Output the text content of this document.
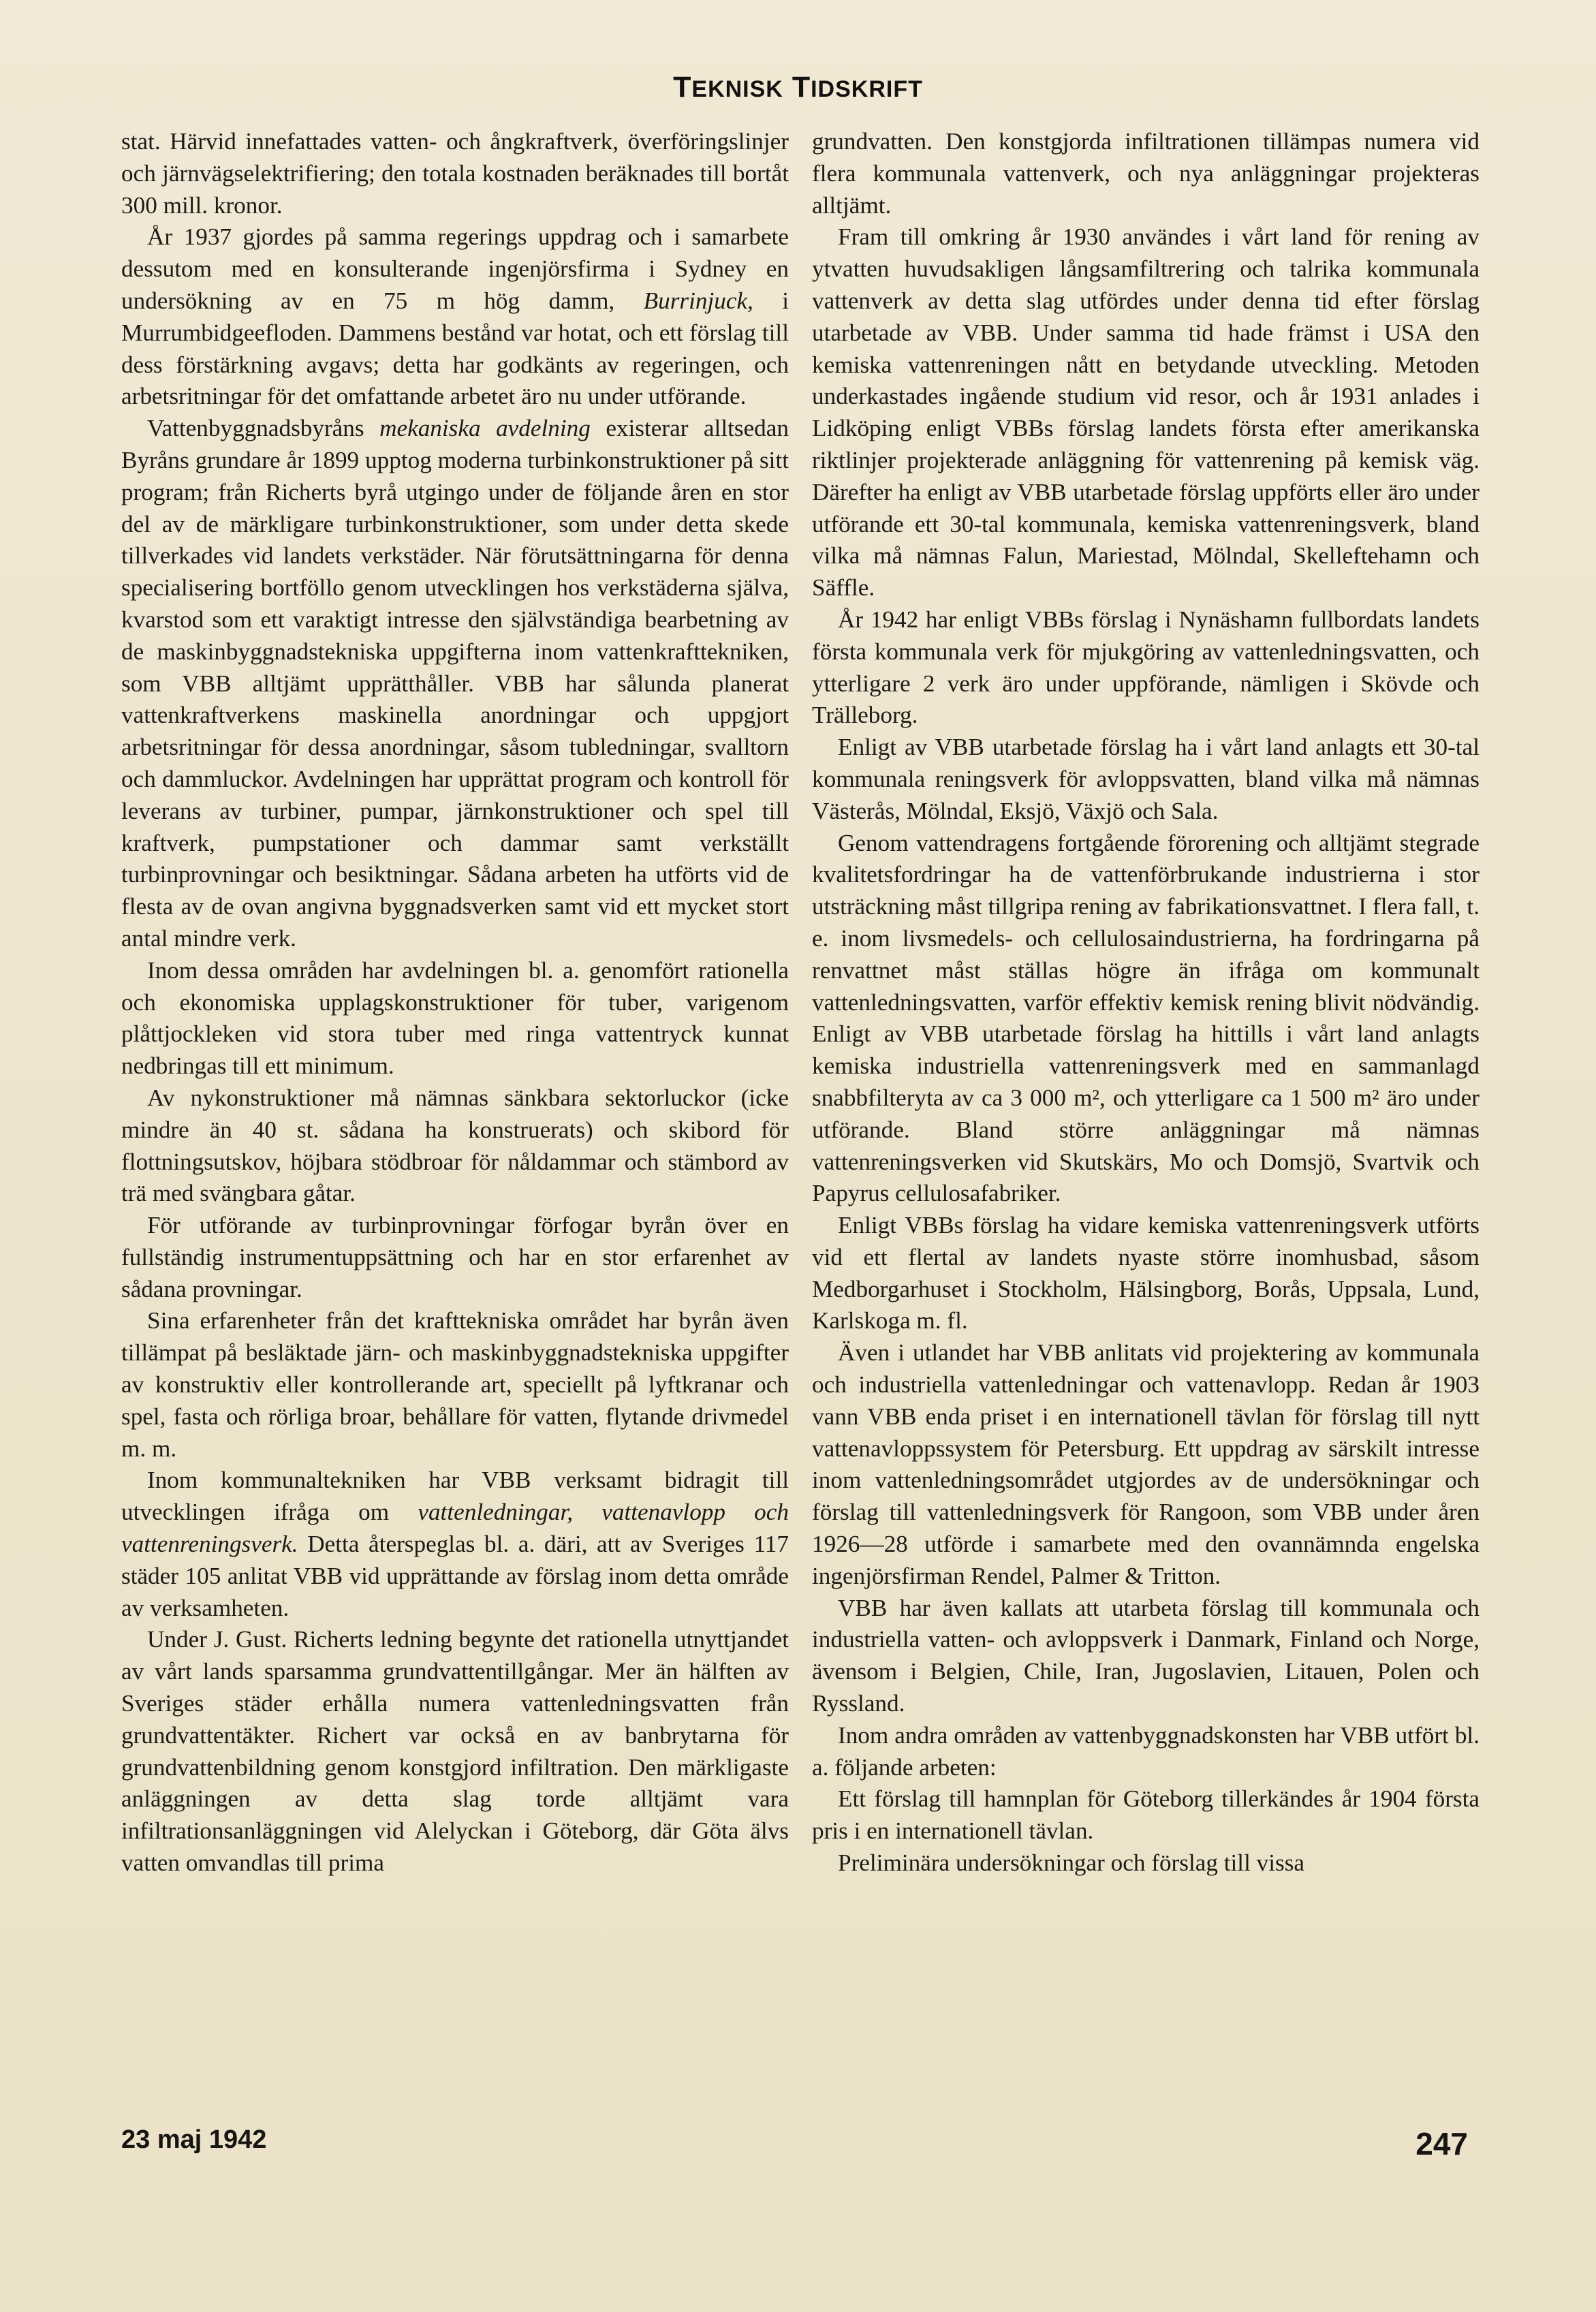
TEKNISK TIDSKRIFT

stat. Härvid innefattades vatten- och ångkraftverk, överföringslinjer och järnvägselektrifiering; den totala kostnaden beräknades till bortåt 300 mill. kronor.

År 1937 gjordes på samma regerings uppdrag och i samarbete dessutom med en konsulterande ingenjörsfirma i Sydney en undersökning av en 75 m hög damm, Burrinjuck, i Murrumbidgeefloden. Dammens bestånd var hotat, och ett förslag till dess förstärkning avgavs; detta har godkänts av regeringen, och arbetsritningar för det omfattande arbetet äro nu under utförande.

Vattenbyggnadsbyråns mekaniska avdelning existerar alltsedan Byråns grundare år 1899 upptog moderna turbinkonstruktioner på sitt program; från Richerts byrå utgingo under de följande åren en stor del av de märkligare turbinkonstruktioner, som under detta skede tillverkades vid landets verkstäder. När förutsättningarna för denna specialisering bortföllo genom utvecklingen hos verkstäderna själva, kvarstod som ett varaktigt intresse den självständiga bearbetning av de maskinbyggnadstekniska uppgifterna inom vattenkrafttekniken, som VBB alltjämt upprätthåller. VBB har sålunda planerat vattenkraftverkens maskinella anordningar och uppgjort arbetsritningar för dessa anordningar, såsom tubledningar, svalltorn och dammluckor. Avdelningen har upprättat program och kontroll för leverans av turbiner, pumpar, järnkonstruktioner och spel till kraftverk, pumpstationer och dammar samt verkställt turbinprovningar och besiktningar. Sådana arbeten ha utförts vid de flesta av de ovan angivna byggnadsverken samt vid ett mycket stort antal mindre verk.

Inom dessa områden har avdelningen bl. a. genomfört rationella och ekonomiska upplagskonstruktioner för tuber, varigenom plåttjockleken vid stora tuber med ringa vattentryck kunnat nedbringas till ett minimum.

Av nykonstruktioner må nämnas sänkbara sektorluckor (icke mindre än 40 st. sådana ha konstruerats) och skibord för flottningsutskov, höjbara stödbroar för nåldammar och stämbord av trä med svängbara gåtar.

För utförande av turbinprovningar förfogar byrån över en fullständig instrumentuppsättning och har en stor erfarenhet av sådana provningar.

Sina erfarenheter från det krafttekniska området har byrån även tillämpat på besläktade järn- och maskinbyggnadstekniska uppgifter av konstruktiv eller kontrollerande art, speciellt på lyftkranar och spel, fasta och rörliga broar, behållare för vatten, flytande drivmedel m. m.

Inom kommunaltekniken har VBB verksamt bidragit till utvecklingen ifråga om vattenledningar, vattenavlopp och vattenreningsverk. Detta återspeglas bl. a. däri, att av Sveriges 117 städer 105 anlitat VBB vid upprättande av förslag inom detta område av verksamheten.

Under J. Gust. Richerts ledning begynte det rationella utnyttjandet av vårt lands sparsamma grundvattentillgångar. Mer än hälften av Sveriges städer erhålla numera vattenledningsvatten från grundvattentäkter. Richert var också en av banbrytarna för grundvattenbildning genom konstgjord infiltration. Den märkligaste anläggningen av detta slag torde alltjämt vara infiltrationsanläggningen vid Alelyckan i Göteborg, där Göta älvs vatten omvandlas till prima

grundvatten. Den konstgjorda infiltrationen tillämpas numera vid flera kommunala vattenverk, och nya anläggningar projekteras alltjämt.

Fram till omkring år 1930 användes i vårt land för rening av ytvatten huvudsakligen långsamfiltrering och talrika kommunala vattenverk av detta slag utfördes under denna tid efter förslag utarbetade av VBB. Under samma tid hade främst i USA den kemiska vattenreningen nått en betydande utveckling. Metoden underkastades ingående studium vid resor, och år 1931 anlades i Lidköping enligt VBBs förslag landets första efter amerikanska riktlinjer projekterade anläggning för vattenrening på kemisk väg. Därefter ha enligt av VBB utarbetade förslag uppförts eller äro under utförande ett 30-tal kommunala, kemiska vattenreningsverk, bland vilka må nämnas Falun, Mariestad, Mölndal, Skelleftehamn och Säffle.

År 1942 har enligt VBBs förslag i Nynäshamn fullbordats landets första kommunala verk för mjukgöring av vattenledningsvatten, och ytterligare 2 verk äro under uppförande, nämligen i Skövde och Trälleborg.

Enligt av VBB utarbetade förslag ha i vårt land anlagts ett 30-tal kommunala reningsverk för avloppsvatten, bland vilka må nämnas Västerås, Mölndal, Eksjö, Växjö och Sala.

Genom vattendragens fortgående förorening och alltjämt stegrade kvalitetsfordringar ha de vattenförbrukande industrierna i stor utsträckning måst tillgripa rening av fabrikationsvattnet. I flera fall, t. e. inom livsmedels- och cellulosaindustrierna, ha fordringarna på renvattnet måst ställas högre än ifråga om kommunalt vattenledningsvatten, varför effektiv kemisk rening blivit nödvändig. Enligt av VBB utarbetade förslag ha hittills i vårt land anlagts kemiska industriella vattenreningsverk med en sammanlagd snabbfilteryta av ca 3 000 m², och ytterligare ca 1 500 m² äro under utförande. Bland större anläggningar må nämnas vattenreningsverken vid Skutskärs, Mo och Domsjö, Svartvik och Papyrus cellulosafabriker.

Enligt VBBs förslag ha vidare kemiska vattenreningsverk utförts vid ett flertal av landets nyaste större inomhusbad, såsom Medborgarhuset i Stockholm, Hälsingborg, Borås, Uppsala, Lund, Karlskoga m. fl.

Även i utlandet har VBB anlitats vid projektering av kommunala och industriella vattenledningar och vattenavlopp. Redan år 1903 vann VBB enda priset i en internationell tävlan för förslag till nytt vattenavloppssystem för Petersburg. Ett uppdrag av särskilt intresse inom vattenledningsområdet utgjordes av de undersökningar och förslag till vattenledningsverk för Rangoon, som VBB under åren 1926—28 utförde i samarbete med den ovannämnda engelska ingenjörsfirman Rendel, Palmer & Tritton.

VBB har även kallats att utarbeta förslag till kommunala och industriella vatten- och avloppsverk i Danmark, Finland och Norge, ävensom i Belgien, Chile, Iran, Jugoslavien, Litauen, Polen och Ryssland.

Inom andra områden av vattenbyggnadskonsten har VBB utfört bl. a. följande arbeten:

Ett förslag till hamnplan för Göteborg tillerkändes år 1904 första pris i en internationell tävlan.

Preliminära undersökningar och förslag till vissa

23 maj 1942	247
